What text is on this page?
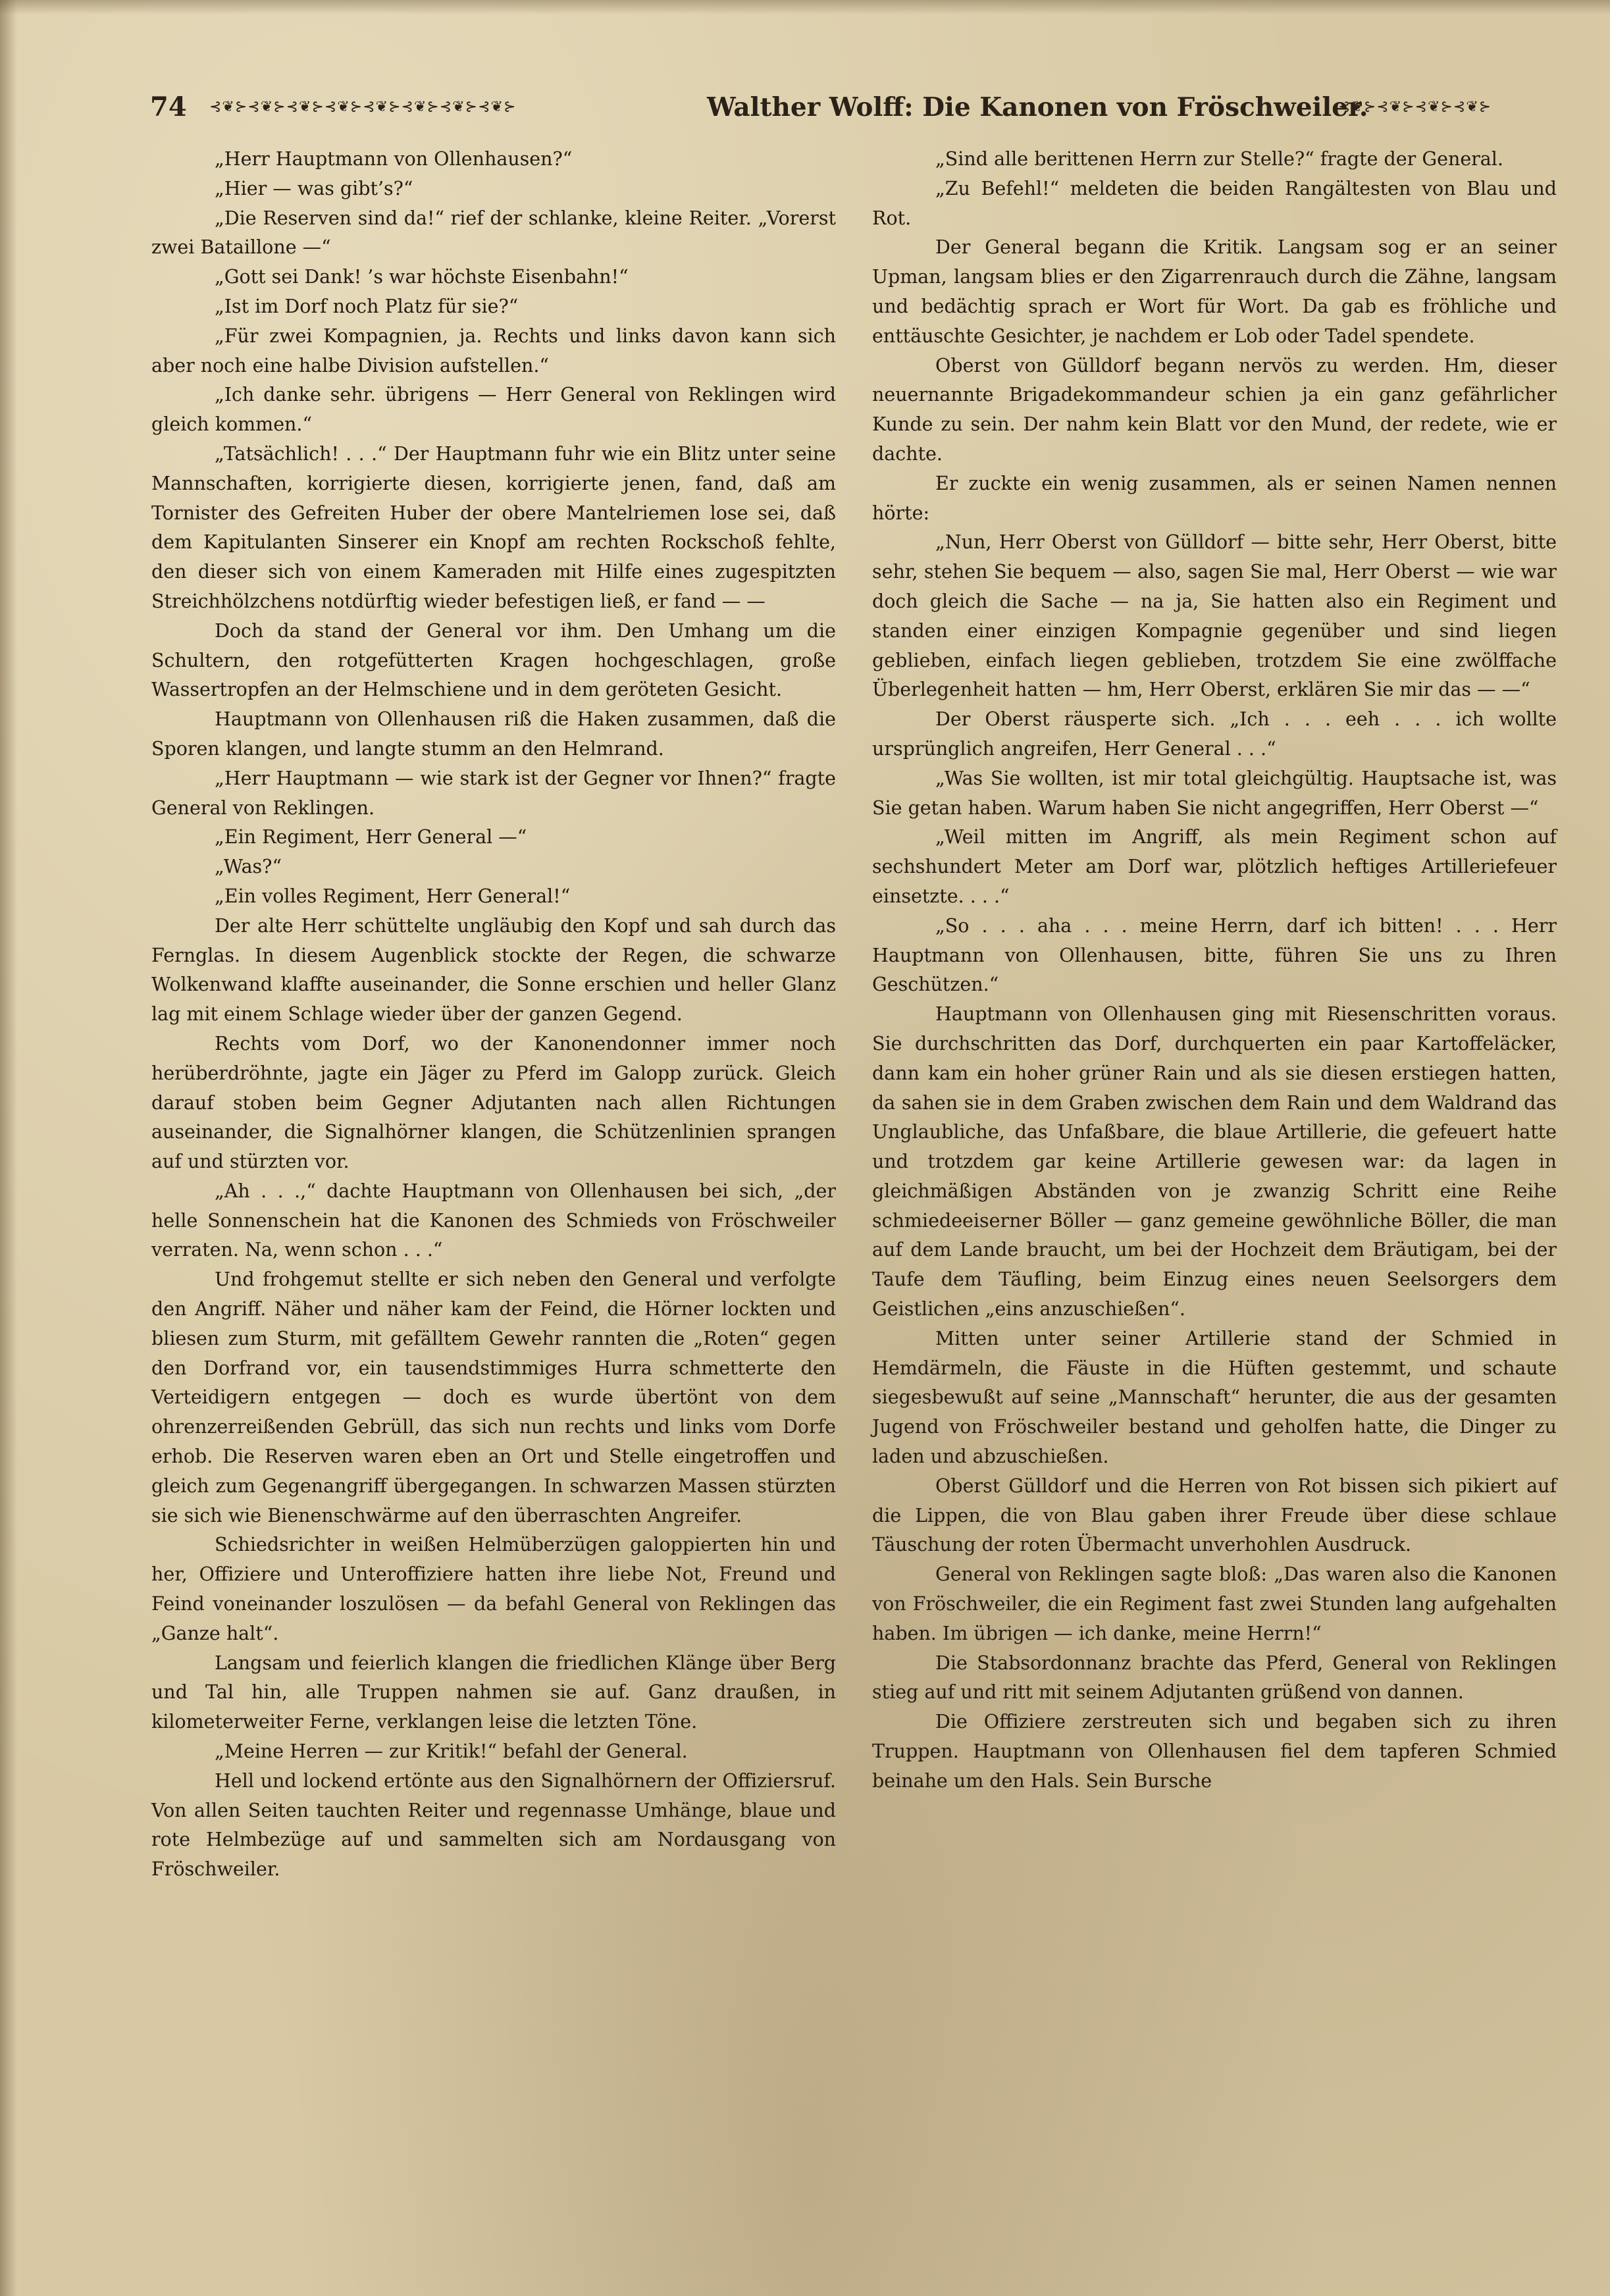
74 ⊰❦⊱⊰❦⊱⊰❦⊱⊰❦⊱⊰❦⊱⊰❦⊱⊰❦⊱⊰❦⊱	Walther Wolff: Die Kanonen von Fröschweiler.
⊰❦⊱⊰❦⊱⊰❦⊱⊰❦⊱

„Herr Hauptmann von Ollenhausen?“

„Hier — was gibt’s?“

„Die Reserven sind da!“ rief der schlanke, kleine Reiter. „Vorerst zwei Bataillone —“

„Gott sei Dank! ’s war höchste Eisenbahn!“

„Ist im Dorf noch Platz für sie?“

„Für zwei Kompagnien, ja. Rechts und links davon kann sich aber noch eine halbe Division aufstellen.“

„Ich danke sehr. übrigens — Herr General von Reklingen wird gleich kommen.“

„Tatsächlich! . . .“ Der Hauptmann fuhr wie ein Blitz unter seine Mannschaften, korrigierte diesen, korrigierte jenen, fand, daß am Tornister des Gefreiten Huber der obere Mantelriemen lose sei, daß dem Kapitulanten Sinserer ein Knopf am rechten Rockschoß fehlte, den dieser sich von einem Kameraden mit Hilfe eines zugespitzten Streichhölzchens notdürftig wieder befestigen ließ, er fand — —

Doch da stand der General vor ihm. Den Umhang um die Schultern, den rotgefütterten Kragen hochgeschlagen, große Wassertropfen an der Helmschiene und in dem geröteten Gesicht.

Hauptmann von Ollenhausen riß die Haken zusammen, daß die Sporen klangen, und langte stumm an den Helmrand.

„Herr Hauptmann — wie stark ist der Gegner vor Ihnen?“ fragte General von Reklingen.

„Ein Regiment, Herr General —“

„Was?“

„Ein volles Regiment, Herr General!“

Der alte Herr schüttelte ungläubig den Kopf und sah durch das Fernglas. In diesem Augenblick stockte der Regen, die schwarze Wolkenwand klaffte auseinander, die Sonne erschien und heller Glanz lag mit einem Schlage wieder über der ganzen Gegend.

Rechts vom Dorf, wo der Kanonendonner immer noch herüberdröhnte, jagte ein Jäger zu Pferd im Galopp zurück. Gleich darauf stoben beim Gegner Adjutanten nach allen Richtungen auseinander, die Signalhörner klangen, die Schützenlinien sprangen auf und stürzten vor.

„Ah . . .,“ dachte Hauptmann von Ollenhausen bei sich, „der helle Sonnenschein hat die Kanonen des Schmieds von Fröschweiler verraten. Na, wenn schon . . .“

Und frohgemut stellte er sich neben den General und verfolgte den Angriff. Näher und näher kam der Feind, die Hörner lockten und bliesen zum Sturm, mit gefälltem Gewehr rannten die „Roten“ gegen den Dorfrand vor, ein tausendstimmiges Hurra schmetterte den Verteidigern entgegen — doch es wurde übertönt von dem ohrenzerreißenden Gebrüll, das sich nun rechts und links vom Dorfe erhob. Die Reserven waren eben an Ort und Stelle eingetroffen und gleich zum Gegenangriff übergegangen. In schwarzen Massen stürzten sie sich wie Bienenschwärme auf den überraschten Angreifer.

Schiedsrichter in weißen Helmüberzügen galoppierten hin und her, Offiziere und Unteroffiziere hatten ihre liebe Not, Freund und Feind voneinander loszulösen — da befahl General von Reklingen das „Ganze halt“.

Langsam und feierlich klangen die friedlichen Klänge über Berg und Tal hin, alle Truppen nahmen sie auf. Ganz draußen, in kilometerweiter Ferne, verklangen leise die letzten Töne.

„Meine Herren — zur Kritik!“ befahl der General.

Hell und lockend ertönte aus den Signalhörnern der Offiziersruf. Von allen Seiten tauchten Reiter und regennasse Umhänge, blaue und rote Helmbezüge auf und sammelten sich am Nordausgang von Fröschweiler.

„Sind alle berittenen Herrn zur Stelle?“ fragte der General.

„Zu Befehl!“ meldeten die beiden Rangältesten von Blau und Rot.

Der General begann die Kritik. Langsam sog er an seiner Upman, langsam blies er den Zigarrenrauch durch die Zähne, langsam und bedächtig sprach er Wort für Wort. Da gab es fröhliche und enttäuschte Gesichter, je nachdem er Lob oder Tadel spendete.

Oberst von Gülldorf begann nervös zu werden. Hm, dieser neuernannte Brigadekommandeur schien ja ein ganz gefährlicher Kunde zu sein. Der nahm kein Blatt vor den Mund, der redete, wie er dachte.

Er zuckte ein wenig zusammen, als er seinen Namen nennen hörte:

„Nun, Herr Oberst von Gülldorf — bitte sehr, Herr Oberst, bitte sehr, stehen Sie bequem — also, sagen Sie mal, Herr Oberst — wie war doch gleich die Sache — na ja, Sie hatten also ein Regiment und standen einer einzigen Kompagnie gegenüber und sind liegen geblieben, einfach liegen geblieben, trotzdem Sie eine zwölffache Überlegenheit hatten — hm, Herr Oberst, erklären Sie mir das — —“

Der Oberst räusperte sich. „Ich . . . eeh . . . ich wollte ursprünglich angreifen, Herr General . . .“

„Was Sie wollten, ist mir total gleichgültig. Hauptsache ist, was Sie getan haben. Warum haben Sie nicht angegriffen, Herr Oberst —“

„Weil mitten im Angriff, als mein Regiment schon auf sechshundert Meter am Dorf war, plötzlich heftiges Artilleriefeuer einsetzte. . . .“

„So . . . aha . . . meine Herrn, darf ich bitten! . . . Herr Hauptmann von Ollenhausen, bitte, führen Sie uns zu Ihren Geschützen.“

Hauptmann von Ollenhausen ging mit Riesenschritten voraus. Sie durchschritten das Dorf, durchquerten ein paar Kartoffeläcker, dann kam ein hoher grüner Rain und als sie diesen erstiegen hatten, da sahen sie in dem Graben zwischen dem Rain und dem Waldrand das Unglaubliche, das Unfaßbare, die blaue Artillerie, die gefeuert hatte und trotzdem gar keine Artillerie gewesen war: da lagen in gleichmäßigen Abständen von je zwanzig Schritt eine Reihe schmiedeeiserner Böller — ganz gemeine gewöhnliche Böller, die man auf dem Lande braucht, um bei der Hochzeit dem Bräutigam, bei der Taufe dem Täufling, beim Einzug eines neuen Seelsorgers dem Geistlichen „eins anzuschießen“.

Mitten unter seiner Artillerie stand der Schmied in Hemdärmeln, die Fäuste in die Hüften gestemmt, und schaute siegesbewußt auf seine „Mannschaft“ herunter, die aus der gesamten Jugend von Fröschweiler bestand und geholfen hatte, die Dinger zu laden und abzuschießen.

Oberst Gülldorf und die Herren von Rot bissen sich pikiert auf die Lippen, die von Blau gaben ihrer Freude über diese schlaue Täuschung der roten Übermacht unverhohlen Ausdruck.

General von Reklingen sagte bloß: „Das waren also die Kanonen von Fröschweiler, die ein Regiment fast zwei Stunden lang aufgehalten haben. Im übrigen — ich danke, meine Herrn!“

Die Stabsordonnanz brachte das Pferd, General von Reklingen stieg auf und ritt mit seinem Adjutanten grüßend von dannen.

Die Offiziere zerstreuten sich und begaben sich zu ihren Truppen. Hauptmann von Ollenhausen fiel dem tapferen Schmied beinahe um den Hals. Sein Bursche
